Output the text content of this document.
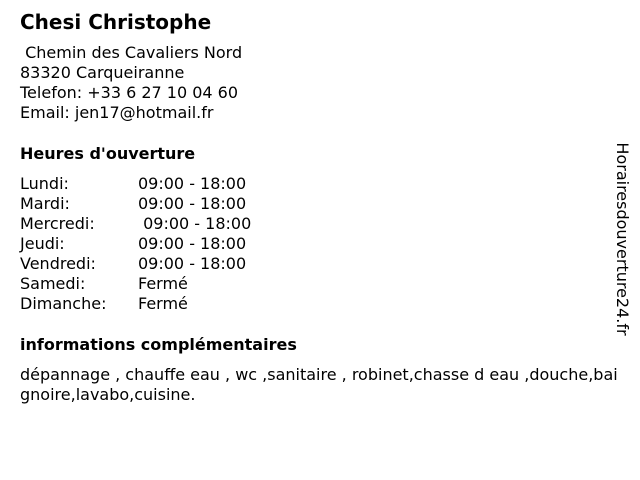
Chesi Christophe
Chemin des Cavaliers Nord
83320 Carqueiranne
Telefon: +33 6 27 10 04 60
Email: jen17@hotmail.fr
Heures d'ouverture
Lundi:	09:00 - 18:00
Mardi:	09:00 - 18:00
Mercredi:	09:00 - 18:00
Jeudi:	09:00 - 18:00
Vendredi:	09:00 - 18:00
Samedi:	Fermé
Dimanche:	Fermé
informations complémentaires
dépannage , chauffe eau , wc ,sanitaire , robinet,chasse d eau ,douche,baignoire,lavabo,cuisine.
Horairesdouverture24.fr
